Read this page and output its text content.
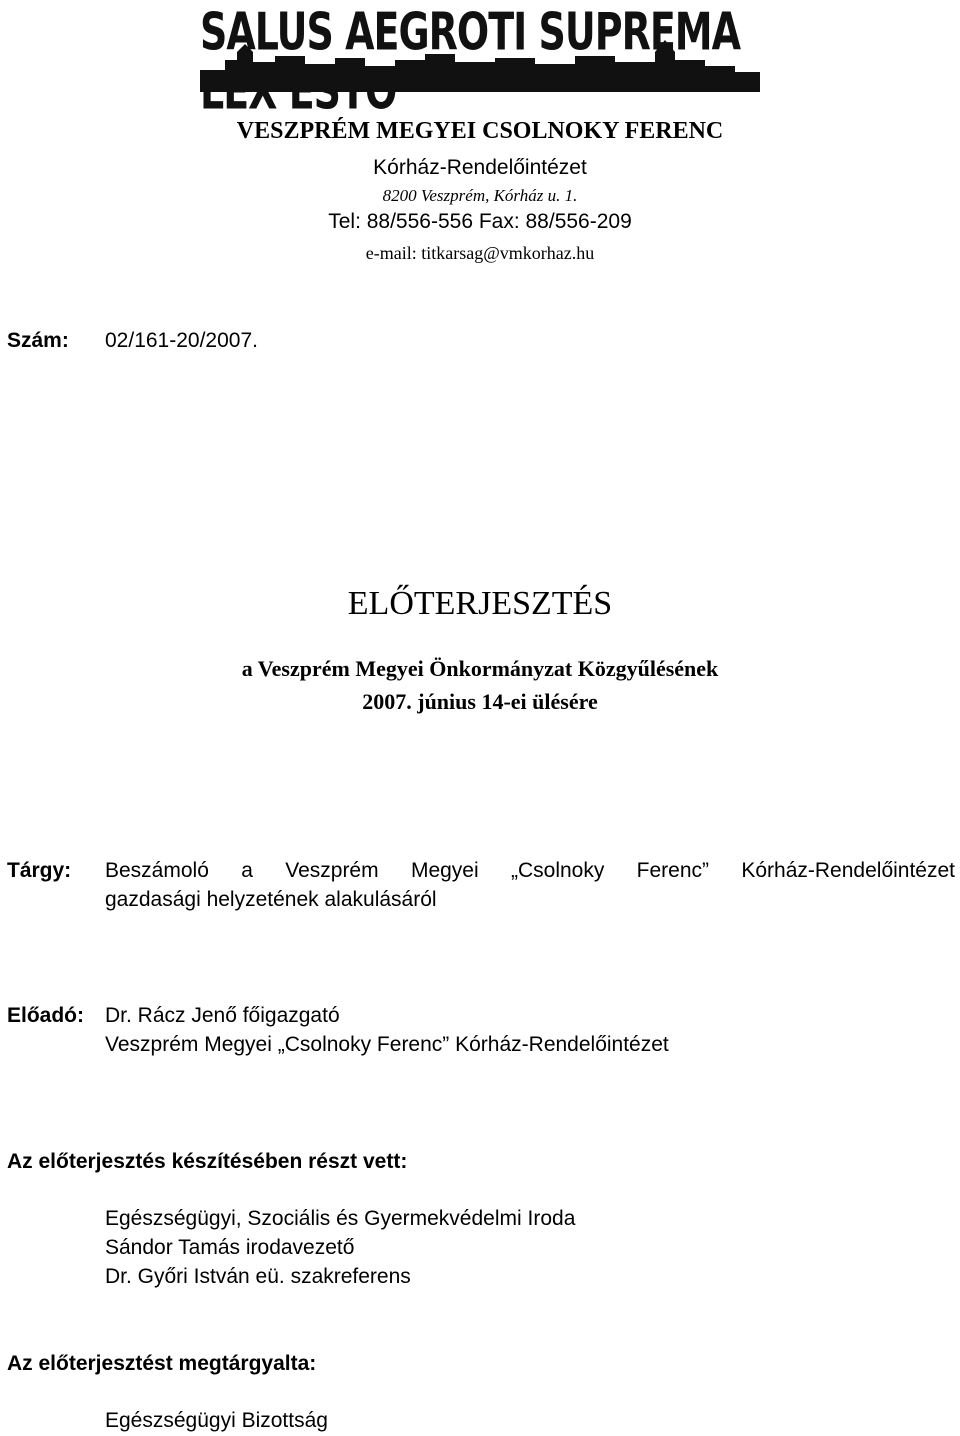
SALUS AEGROTI SUPREMA LEX ESTO
VESZPRÉM MEGYEI CSOLNOKY FERENC
Kórház-Rendelőintézet
8200 Veszprém, Kórház u. 1.
Tel: 88/556-556 Fax: 88/556-209
e-mail: titkarsag@vmkorhaz.hu
Szám: 02/161-20/2007.
ELŐTERJESZTÉS
a Veszprém Megyei Önkormányzat Közgyűlésének
2007. június 14-ei ülésére
Tárgy: Beszámoló a Veszprém Megyei „Csolnoky Ferenc” Kórház-Rendelőintézet
gazdasági helyzetének alakulásáról
Előadó: Dr. Rácz Jenő főigazgató
Veszprém Megyei „Csolnoky Ferenc” Kórház-Rendelőintézet
Az előterjesztés készítésében részt vett:
Egészségügyi, Szociális és Gyermekvédelmi Iroda
Sándor Tamás irodavezető
Dr. Győri István eü. szakreferens
Az előterjesztést megtárgyalta:
Egészségügyi Bizottság
